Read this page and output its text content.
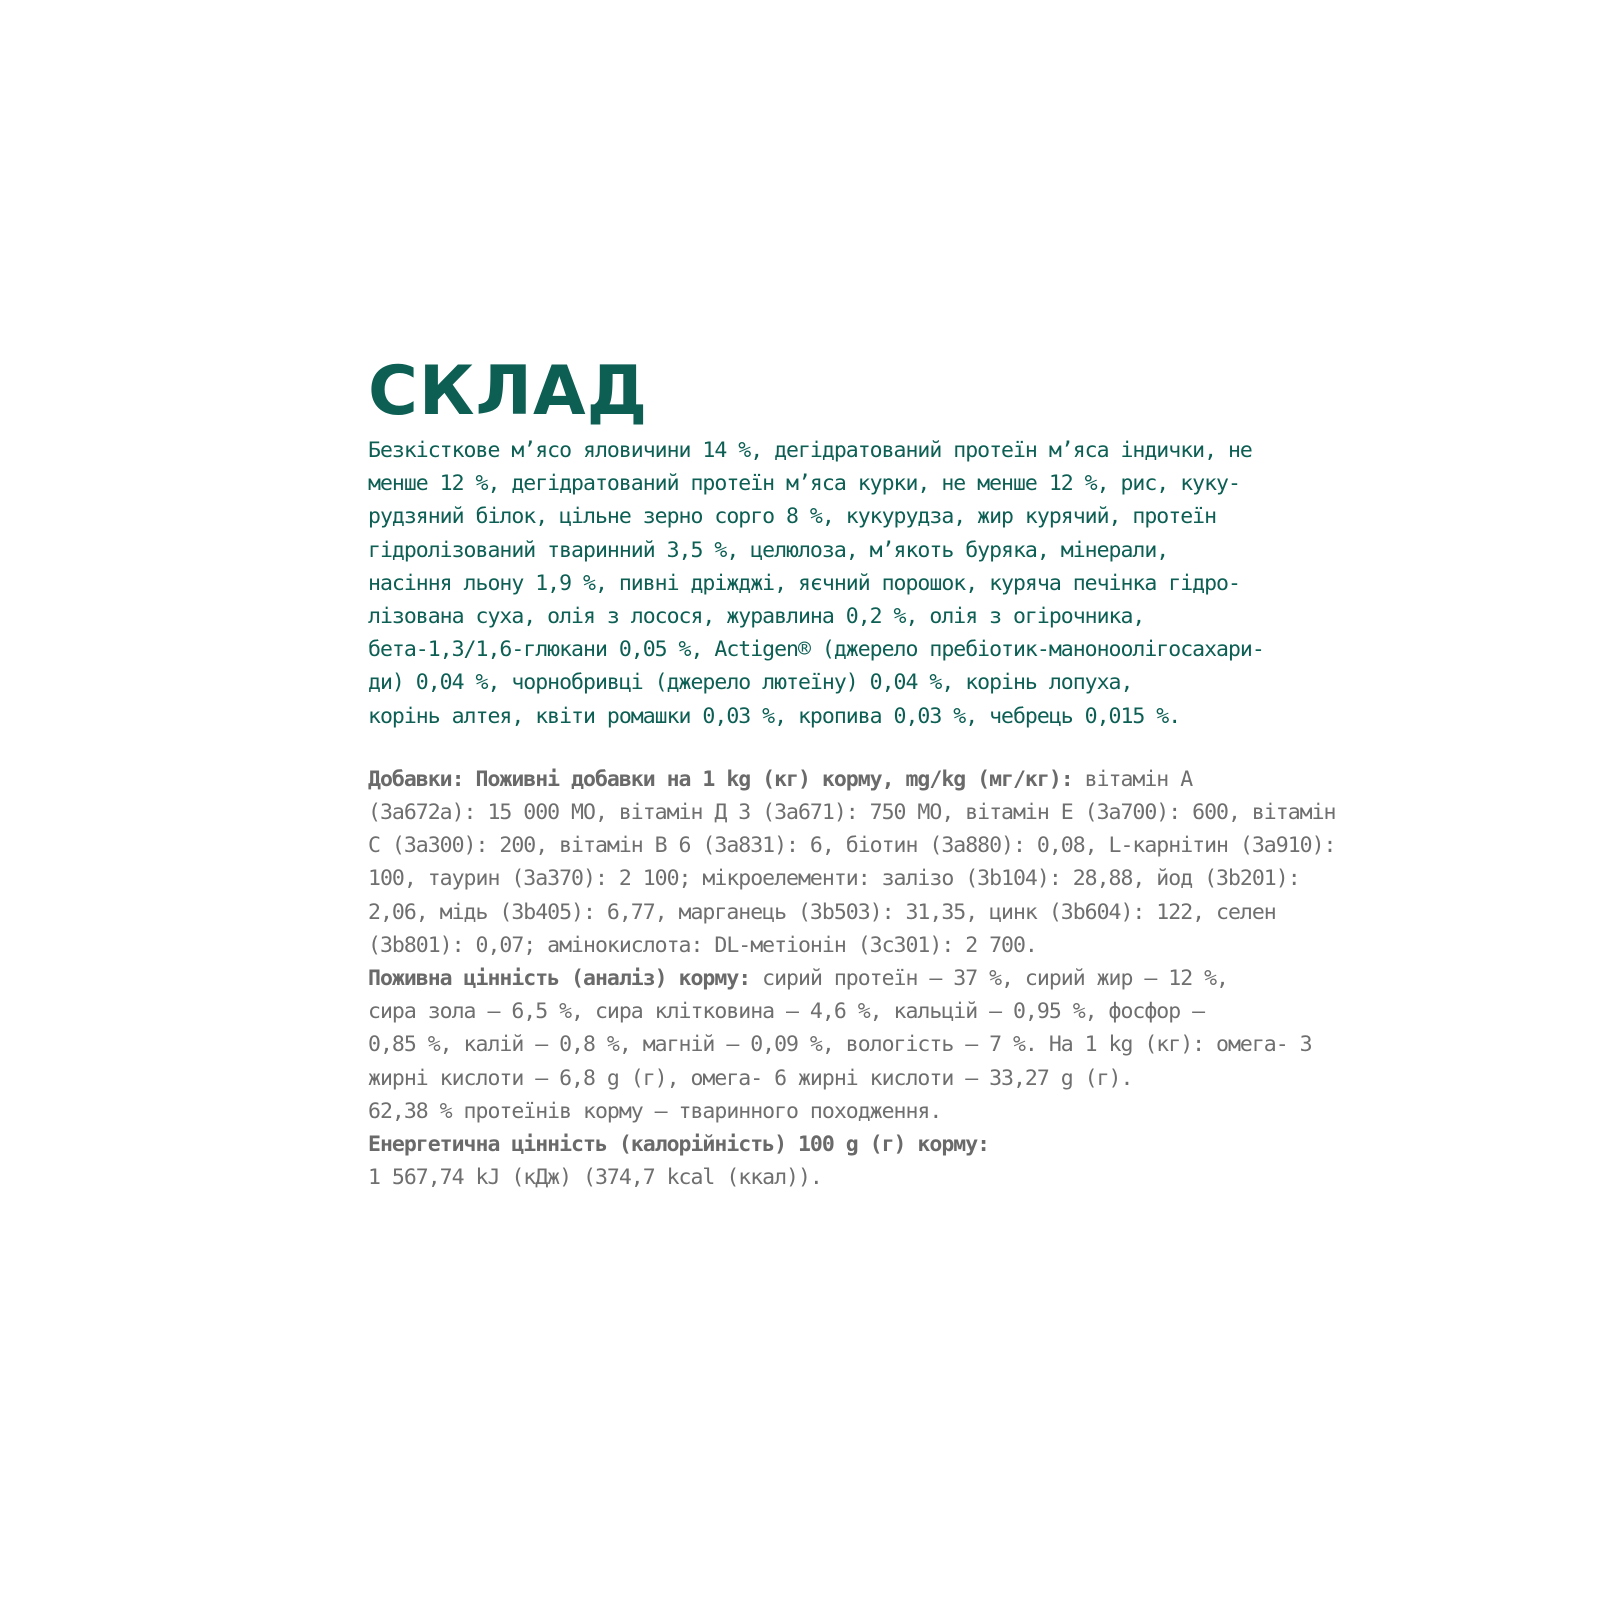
СКЛАД
Безкісткове м’ясо яловичини 14 %, дегідратований протеїн м’яса індички, не
менше 12 %, дегідратований протеїн м’яса курки, не менше 12 %, рис, куку-
рудзяний білок, цільне зерно сорго 8 %, кукурудза, жир курячий, протеїн
гідролізований тваринний 3,5 %, целюлоза, м’якоть буряка, мінерали,
насіння льону 1,9 %, пивні дріжджі, яєчний порошок, куряча печінка гідро-
лізована суха, олія з лосося, журавлина 0,2 %, олія з огірочника,
бета-1,3/1,6-глюкани 0,05 %, Actigen® (джерело пребіотик-маноноолігосахари-
ди) 0,04 %, чорнобривці (джерело лютеїну) 0,04 %, корінь лопуха,
корінь алтея, квіти ромашки 0,03 %, кропива 0,03 %, чебрець 0,015 %.
Добавки: Поживні добавки на 1 kg (кг) корму, mg/kg (мг/кг): вітамін A
(3a672a): 15 000 МО, вітамін Д 3 (3a671): 750 МО, вітамін E (3a700): 600, вітамін
C (3a300): 200, вітамін B 6 (3a831): 6, біотин (3a880): 0,08, L-карнітин (3a910):
100, таурин (3a370): 2 100; мікроелементи: залізо (3b104): 28,88, йод (3b201):
2,06, мідь (3b405): 6,77, марганець (3b503): 31,35, цинк (3b604): 122, селен
(3b801): 0,07; амінокислота: DL-метіонін (3c301): 2 700.
Поживна цінність (аналіз) корму: сирий протеїн – 37 %, сирий жир – 12 %,
сира зола – 6,5 %, сира клітковина – 4,6 %, кальцій – 0,95 %, фосфор –
0,85 %, калій – 0,8 %, магній – 0,09 %, вологість – 7 %. На 1 kg (кг): омега- 3
жирні кислоти – 6,8 g (г), омега- 6 жирні кислоти – 33,27 g (г).
62,38 % протеїнів корму – тваринного походження.
Енергетична цінність (калорійність) 100 g (г) корму:
1 567,74 kJ (кДж) (374,7 kcal (ккал)).
